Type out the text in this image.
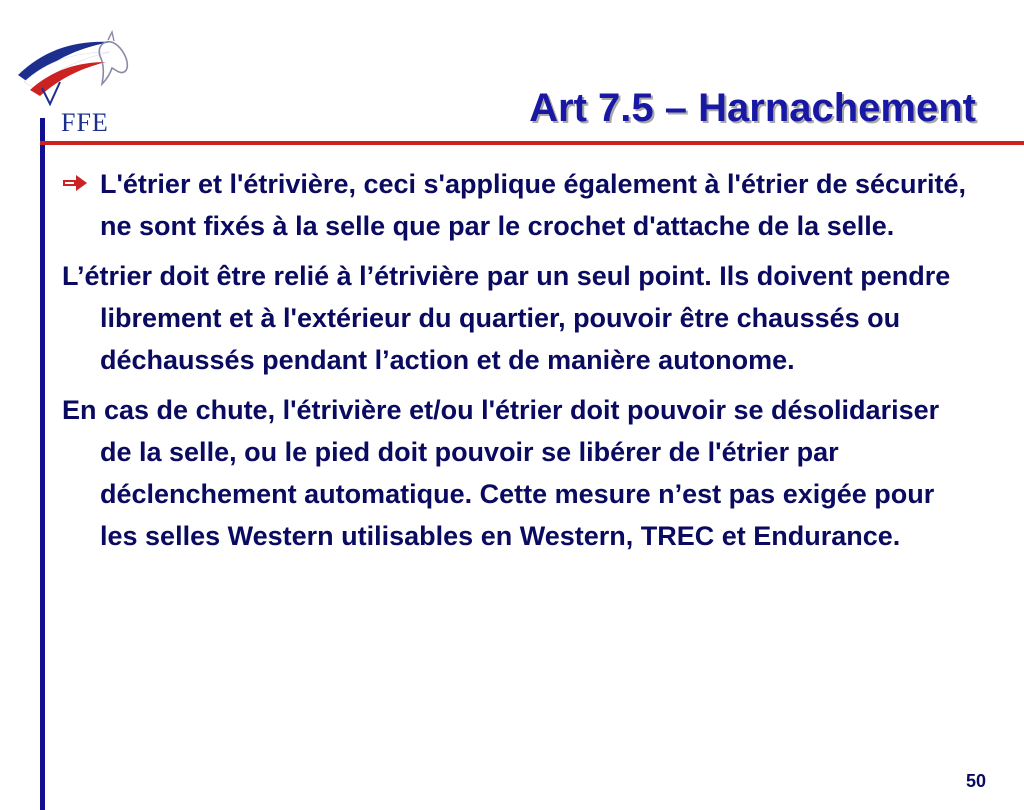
FFE	Art 7.5 – Harnachement

L'étrier et l'étrivière, ceci s'applique également à l'étrier de sécurité, ne sont fixés à la selle que par le crochet d'attache de la selle.

L’étrier doit être relié à l’étrivière par un seul point. Ils doivent pendre librement et à l'extérieur du quartier, pouvoir être chaussés ou déchaussés pendant l’action et de manière autonome.

En cas de chute, l'étrivière et/ou l'étrier doit pouvoir se désolidariser de la selle, ou le pied doit pouvoir se libérer de l'étrier par déclenchement automatique. Cette mesure n’est pas exigée pour les selles Western utilisables en Western, TREC et Endurance.

50
